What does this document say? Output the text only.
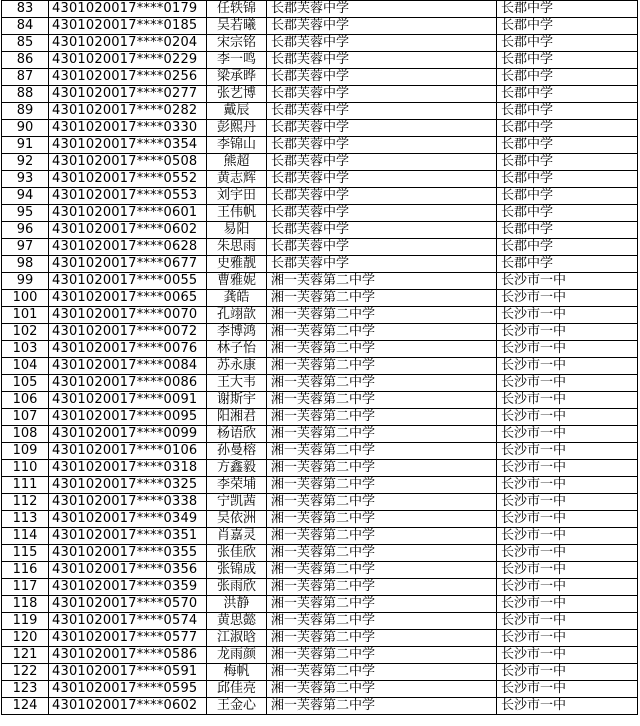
83	4301020017****0179	任轶锦	长郡芙蓉中学	长郡中学
84	4301020017****0185	吴若曦	长郡芙蓉中学	长郡中学
85	4301020017****0204	宋宗铭	长郡芙蓉中学	长郡中学
86	4301020017****0229	李一鸣	长郡芙蓉中学	长郡中学
87	4301020017****0256	梁承晔	长郡芙蓉中学	长郡中学
88	4301020017****0277	张艺博	长郡芙蓉中学	长郡中学
89	4301020017****0282	戴辰	长郡芙蓉中学	长郡中学
90	4301020017****0330	彭熙丹	长郡芙蓉中学	长郡中学
91	4301020017****0354	李锦山	长郡芙蓉中学	长郡中学
92	4301020017****0508	熊超	长郡芙蓉中学	长郡中学
93	4301020017****0552	黄志辉	长郡芙蓉中学	长郡中学
94	4301020017****0553	刘宇田	长郡芙蓉中学	长郡中学
95	4301020017****0601	王伟帆	长郡芙蓉中学	长郡中学
96	4301020017****0602	易阳	长郡芙蓉中学	长郡中学
97	4301020017****0628	朱思雨	长郡芙蓉中学	长郡中学
98	4301020017****0677	史雅靓	长郡芙蓉中学	长郡中学
99	4301020017****0055	曹雅妮	湘一芙蓉第二中学	长沙市一中
100	4301020017****0065	龚皓	湘一芙蓉第二中学	长沙市一中
101	4301020017****0070	孔翊歆	湘一芙蓉第二中学	长沙市一中
102	4301020017****0072	李博鸿	湘一芙蓉第二中学	长沙市一中
103	4301020017****0076	林子怡	湘一芙蓉第二中学	长沙市一中
104	4301020017****0084	苏永康	湘一芙蓉第二中学	长沙市一中
105	4301020017****0086	王大韦	湘一芙蓉第二中学	长沙市一中
106	4301020017****0091	谢斯宇	湘一芙蓉第二中学	长沙市一中
107	4301020017****0095	阳湘君	湘一芙蓉第二中学	长沙市一中
108	4301020017****0099	杨语欣	湘一芙蓉第二中学	长沙市一中
109	4301020017****0106	孙曼榕	湘一芙蓉第二中学	长沙市一中
110	4301020017****0318	方鑫毅	湘一芙蓉第二中学	长沙市一中
111	4301020017****0325	李荣埔	湘一芙蓉第二中学	长沙市一中
112	4301020017****0338	宁凯茜	湘一芙蓉第二中学	长沙市一中
113	4301020017****0349	吴依洲	湘一芙蓉第二中学	长沙市一中
114	4301020017****0351	肖嘉灵	湘一芙蓉第二中学	长沙市一中
115	4301020017****0355	张佳欣	湘一芙蓉第二中学	长沙市一中
116	4301020017****0356	张锦成	湘一芙蓉第二中学	长沙市一中
117	4301020017****0359	张雨欣	湘一芙蓉第二中学	长沙市一中
118	4301020017****0570	洪静	湘一芙蓉第二中学	长沙市一中
119	4301020017****0574	黄思懿	湘一芙蓉第二中学	长沙市一中
120	4301020017****0577	江淑晗	湘一芙蓉第二中学	长沙市一中
121	4301020017****0586	龙雨颜	湘一芙蓉第二中学	长沙市一中
122	4301020017****0591	梅帆	湘一芙蓉第二中学	长沙市一中
123	4301020017****0595	邱佳亮	湘一芙蓉第二中学	长沙市一中
124	4301020017****0602	王金心	湘一芙蓉第二中学	长沙市一中
